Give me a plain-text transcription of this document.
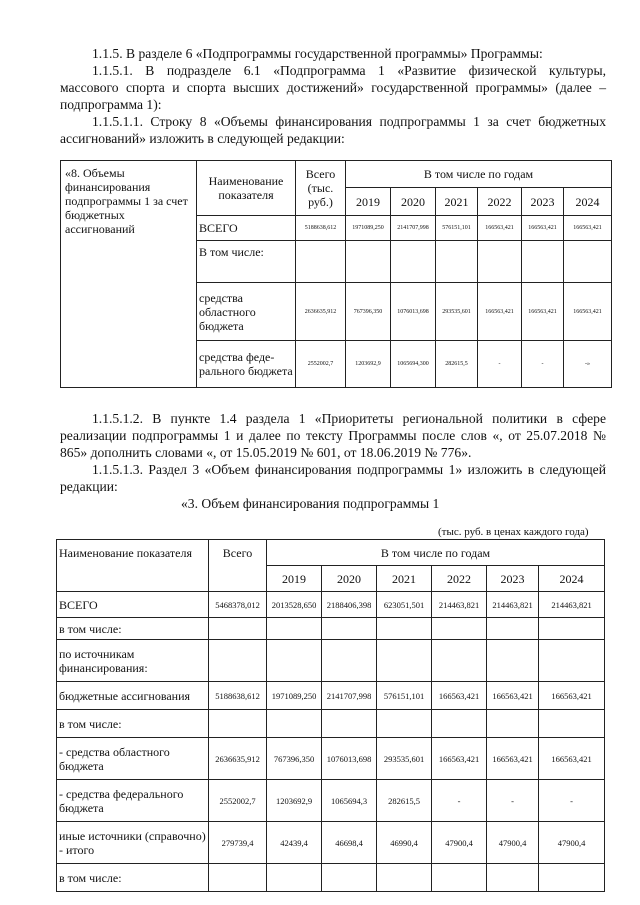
1.1.5. В разделе 6 «Подпрограммы государственной программы» Программы:
1.1.5.1. В подразделе 6.1 «Подпрограмма 1 «Развитие физической культуры,
массового спорта и спорта высших достижений» государственной программы» (далее –
подпрограмма 1):
1.1.5.1.1. Строку 8 «Объемы финансирования подпрограммы 1 за счет бюджетных
ассигнований» изложить в следующей редакции:
«8. Объемы финансирования подпрограммы 1 за счет бюджетных ассигнований	Наименование показателя	Всего (тыс. руб.)	В том числе по годам					
			2019	2020	2021	2022	2023	2024
	ВСЕГО	5188638,612	1971089,250	2141707,998	576151,101	166563,421	166563,421	166563,421
	В том числе:							
	средства областного бюджета	2636635,912	767396,350	1076013,698	293535,601	166563,421	166563,421	166563,421
	средства феде-рального бюджета	2552002,7	1203692,9	1065694,300	282615,5	-	-	-»
1.1.5.1.2. В пункте 1.4 раздела 1 «Приоритеты региональной политики в сфере
реализации подпрограммы 1 и далее по тексту Программы после слов «, от 25.07.2018 №
865» дополнить словами «, от 15.05.2019 № 601, от 18.06.2019 № 776».
1.1.5.1.3. Раздел 3 «Объем финансирования подпрограммы 1» изложить в следующей
редакции:
«3. Объем финансирования подпрограммы 1
(тыс. руб. в ценах каждого года)
Наименование показателя	Всего	В том числе по годам					
		2019	2020	2021	2022	2023	2024
ВСЕГО	5468378,012	2013528,650	2188406,398	623051,501	214463,821	214463,821	214463,821
в том числе:							
по источникам финансирования:							
бюджетные ассигнования	5188638,612	1971089,250	2141707,998	576151,101	166563,421	166563,421	166563,421
в том числе:							
- средства областного бюджета	2636635,912	767396,350	1076013,698	293535,601	166563,421	166563,421	166563,421
- средства федерального бюджета	2552002,7	1203692,9	1065694,3	282615,5	-	-	-
иные источники (справочно) - итого	279739,4	42439,4	46698,4	46990,4	47900,4	47900,4	47900,4
в том числе:							
